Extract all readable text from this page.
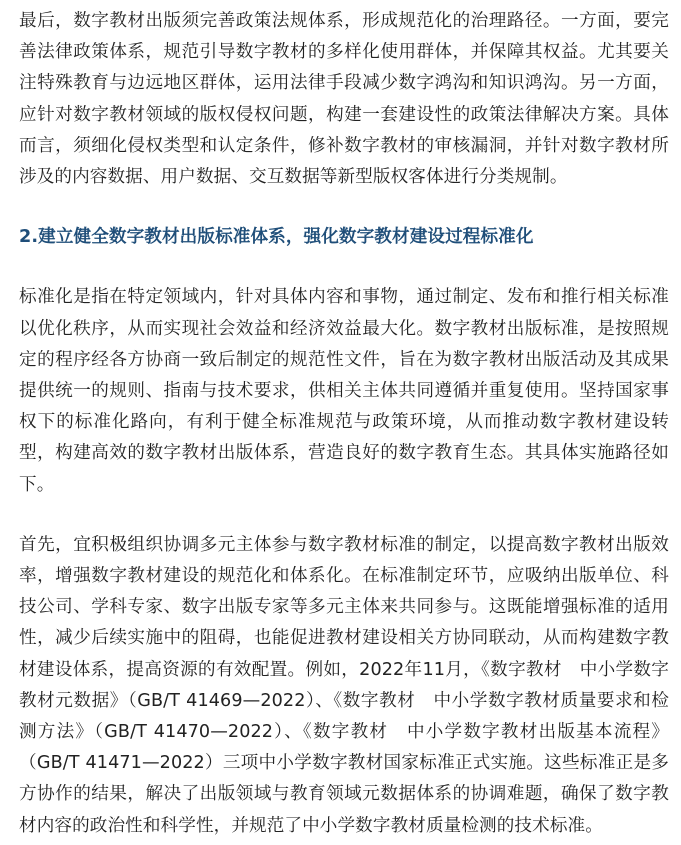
最后，数字教材出版须完善政策法规体系，形成规范化的治理路径。一方面，要完善法律政策体系，规范引导数字教材的多样化使用群体，并保障其权益。尤其要关注特殊教育与边远地区群体，运用法律手段减少数字鸿沟和知识鸿沟。另一方面，应针对数字教材领域的版权侵权问题，构建一套建设性的政策法律解决方案。具体而言，须细化侵权类型和认定条件，修补数字教材的审核漏洞，并针对数字教材所涉及的内容数据、用户数据、交互数据等新型版权客体进行分类规制。

2.建立健全数字教材出版标准体系，强化数字教材建设过程标准化

标准化是指在特定领域内，针对具体内容和事物，通过制定、发布和推行相关标准以优化秩序，从而实现社会效益和经济效益最大化。数字教材出版标准，是按照规定的程序经各方协商一致后制定的规范性文件，旨在为数字教材出版活动及其成果提供统一的规则、指南与技术要求，供相关主体共同遵循并重复使用。坚持国家事权下的标准化路向，有利于健全标准规范与政策环境，从而推动数字教材建设转型，构建高效的数字教材出版体系，营造良好的数字教育生态。其具体实施路径如下。

首先，宜积极组织协调多元主体参与数字教材标准的制定，以提高数字教材出版效率，增强数字教材建设的规范化和体系化。在标准制定环节，应吸纳出版单位、科技公司、学科专家、数字出版专家等多元主体来共同参与。这既能增强标准的适用性，减少后续实施中的阻碍，也能促进教材建设相关方协同联动，从而构建数字教材建设体系，提高资源的有效配置。例如，2022年11月，《数字教材　中小学数字教材元数据》（GB/T 41469—2022）、《数字教材　中小学数字教材质量要求和检测方法》（GB/T 41470—2022）、《数字教材　中小学数字教材出版基本流程》（GB/T 41471—2022）三项中小学数字教材国家标准正式实施。这些标准正是多方协作的结果，解决了出版领域与教育领域元数据体系的协调难题，确保了数字教材内容的政治性和科学性，并规范了中小学数字教材质量检测的技术标准。
